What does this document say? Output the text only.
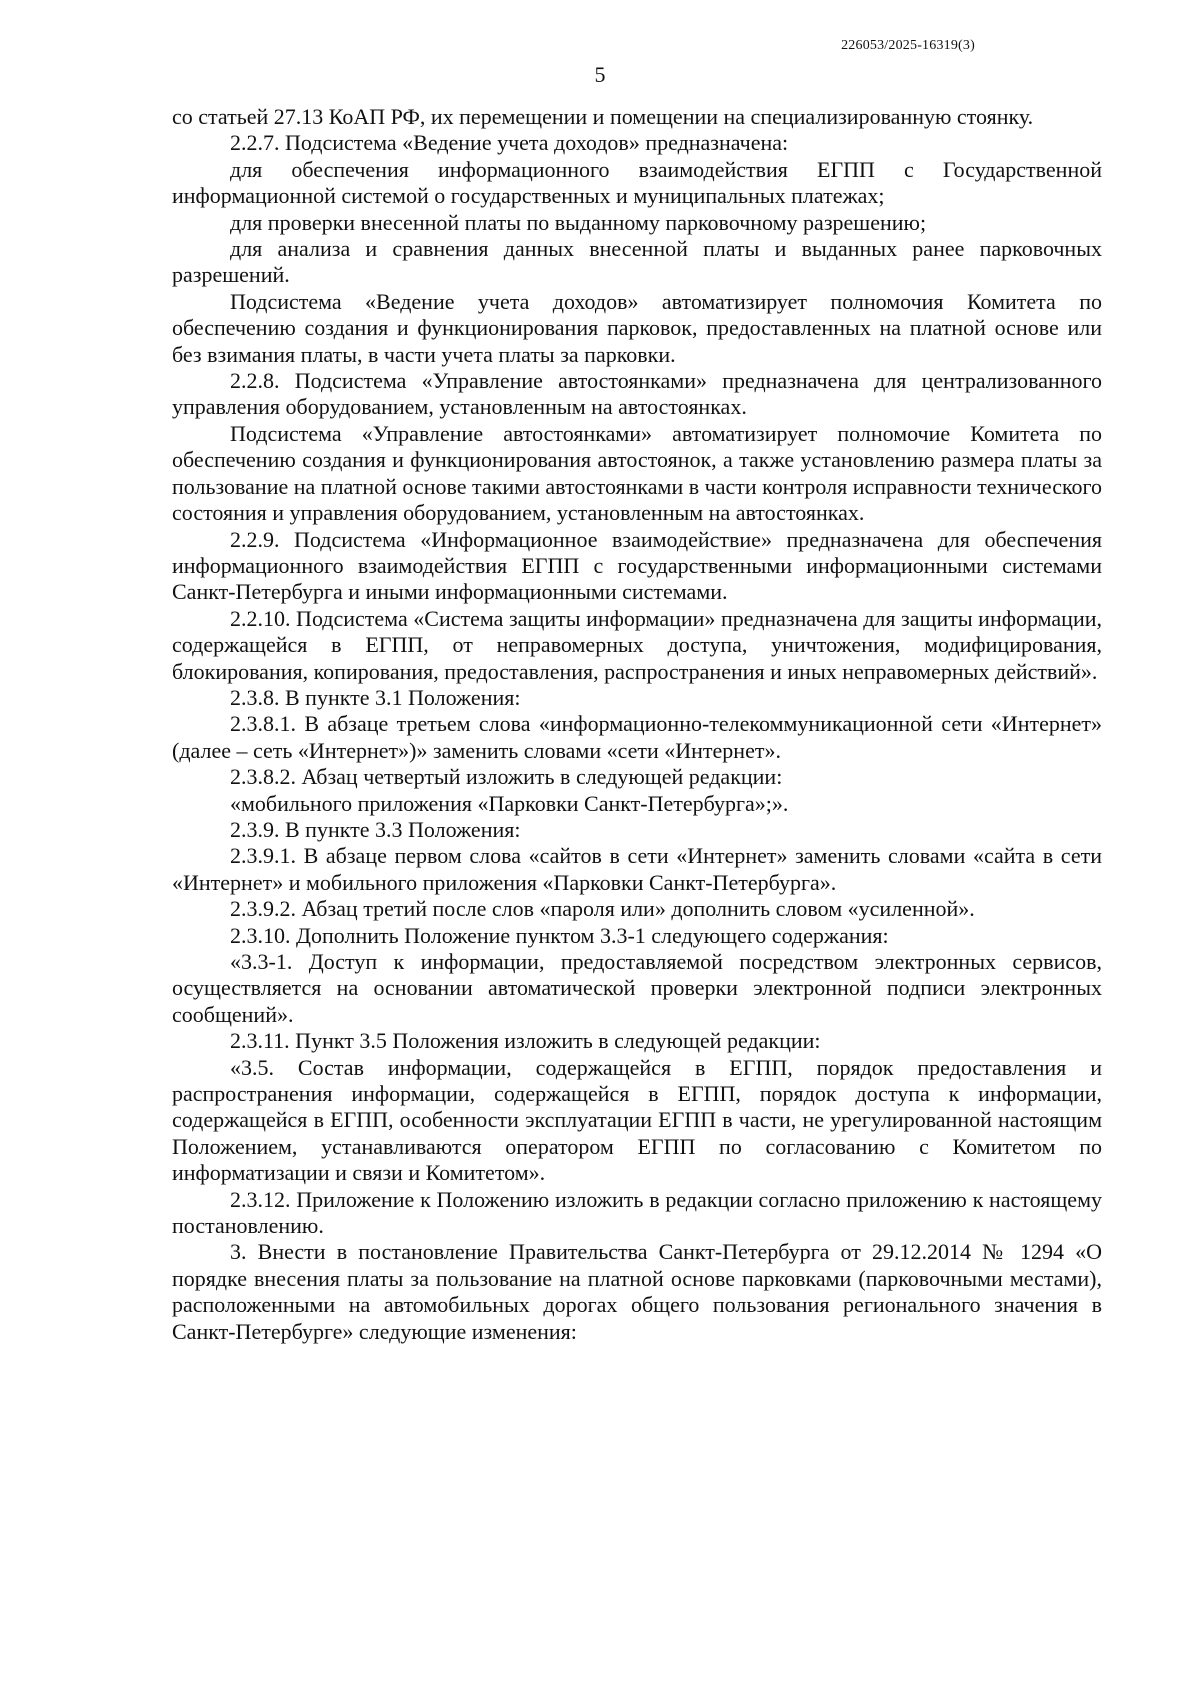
226053/2025-16319(3)
5

со статьей 27.13 КоАП РФ, их перемещении и помещении на специализированную стоянку.

2.2.7. Подсистема «Ведение учета доходов» предназначена:

для обеспечения информационного взаимодействия ЕГПП с Государственной информационной системой о государственных и муниципальных платежах;

для проверки внесенной платы по выданному парковочному разрешению;

для анализа и сравнения данных внесенной платы и выданных ранее парковочных разрешений.

Подсистема «Ведение учета доходов» автоматизирует полномочия Комитета по обеспечению создания и функционирования парковок, предоставленных на платной основе или без взимания платы, в части учета платы за парковки.

2.2.8. Подсистема «Управление автостоянками» предназначена для централизованного управления оборудованием, установленным на автостоянках.

Подсистема «Управление автостоянками» автоматизирует полномочие Комитета по обеспечению создания и функционирования автостоянок, а также установлению размера платы за пользование на платной основе такими автостоянками в части контроля исправности технического состояния и управления оборудованием, установленным на автостоянках.

2.2.9. Подсистема «Информационное взаимодействие» предназначена для обеспечения информационного взаимодействия ЕГПП с государственными информационными системами Санкт-Петербурга и иными информационными системами.

2.2.10. Подсистема «Система защиты информации» предназначена для защиты информации, содержащейся в ЕГПП, от неправомерных доступа, уничтожения, модифицирования, блокирования, копирования, предоставления, распространения и иных неправомерных действий».

2.3.8. В пункте 3.1 Положения:

2.3.8.1. В абзаце третьем слова «информационно-телекоммуникационной сети «Интернет» (далее – сеть «Интернет»)» заменить словами «сети «Интернет».

2.3.8.2. Абзац четвертый изложить в следующей редакции:

«мобильного приложения «Парковки Санкт-Петербурга»;».

2.3.9. В пункте 3.3 Положения:

2.3.9.1. В абзаце первом слова «сайтов в сети «Интернет» заменить словами «сайта в сети «Интернет» и мобильного приложения «Парковки Санкт-Петербурга».

2.3.9.2. Абзац третий после слов «пароля или» дополнить словом «усиленной».

2.3.10. Дополнить Положение пунктом 3.3-1 следующего содержания:

«3.3-1. Доступ к информации, предоставляемой посредством электронных сервисов, осуществляется на основании автоматической проверки электронной подписи электронных сообщений».

2.3.11. Пункт 3.5 Положения изложить в следующей редакции:

«3.5. Состав информации, содержащейся в ЕГПП, порядок предоставления и распространения информации, содержащейся в ЕГПП, порядок доступа к информации, содержащейся в ЕГПП, особенности эксплуатации ЕГПП в части, не урегулированной настоящим Положением, устанавливаются оператором ЕГПП по согласованию с Комитетом по информатизации и связи и Комитетом».

2.3.12. Приложение к Положению изложить в редакции согласно приложению к настоящему постановлению.

3. Внести в постановление Правительства Санкт-Петербурга от 29.12.2014 № 1294 «О порядке внесения платы за пользование на платной основе парковками (парковочными местами), расположенными на автомобильных дорогах общего пользования регионального значения в Санкт-Петербурге» следующие изменения:
